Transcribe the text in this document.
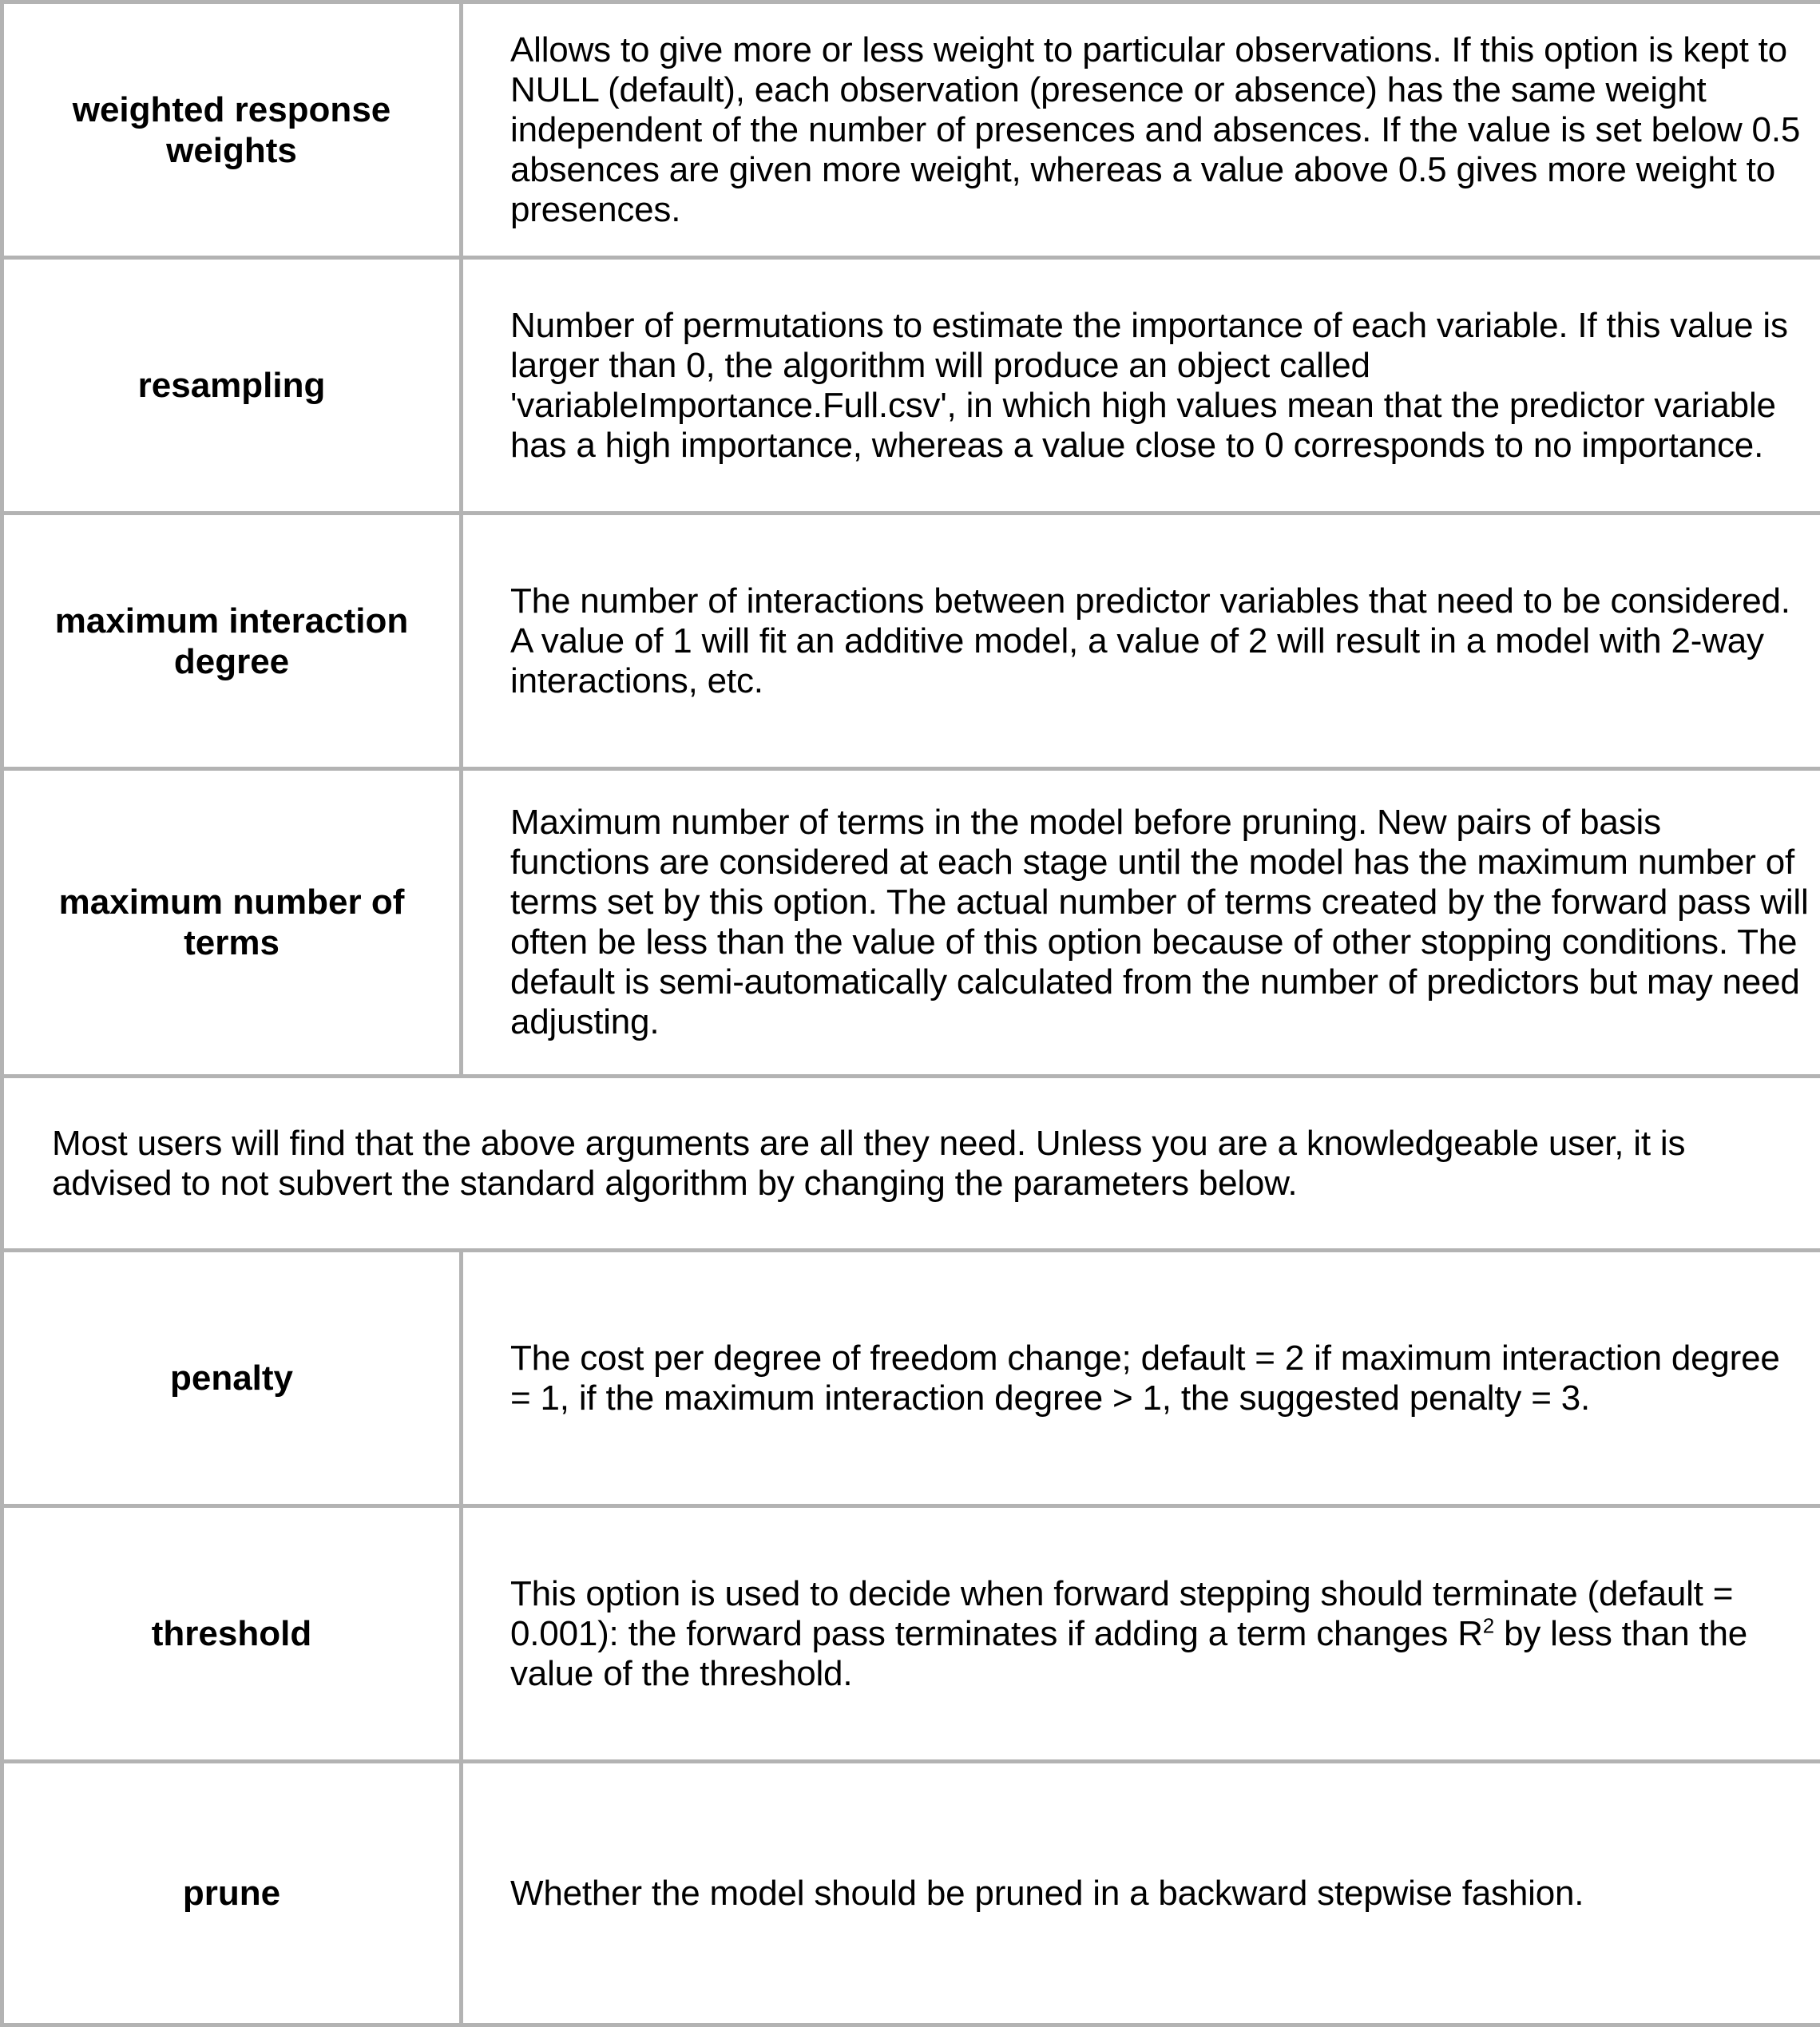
weighted response
weights	Allows to give more or less weight to particular observations. If this option is kept to NULL (default), each observation (presence or absence) has the same weight independent of the number of presences and absences. If the value is set below 0.5 absences are given more weight, whereas a value above 0.5 gives more weight to presences.
resampling	Number of permutations to estimate the importance of each variable. If this value is larger than 0, the algorithm will produce an object called 'variableImportance.Full.csv', in which high values mean that the predictor variable has a high importance, whereas a value close to 0 corresponds to no importance.
maximum interaction
degree	The number of interactions between predictor variables that need to be considered. A value of 1 will fit an additive model, a value of 2 will result in a model with 2-way interactions, etc.
maximum number of
terms	Maximum number of terms in the model before pruning. New pairs of basis functions are considered at each stage until the model has the maximum number of terms set by this option. The actual number of terms created by the forward pass will often be less than the value of this option because of other stopping conditions. The default is semi-automatically calculated from the number of predictors but may need adjusting.
Most users will find that the above arguments are all they need. Unless you are a knowledgeable user, it is advised to not subvert the standard algorithm by changing the parameters below.	
penalty	The cost per degree of freedom change; default = 2 if maximum interaction degree = 1, if the maximum interaction degree > 1, the suggested penalty = 3.
threshold	This option is used to decide when forward stepping should terminate (default = 0.001): the forward pass terminates if adding a term changes $R^2$ by less than the value of the threshold.
prune	Whether the model should be pruned in a backward stepwise fashion.
